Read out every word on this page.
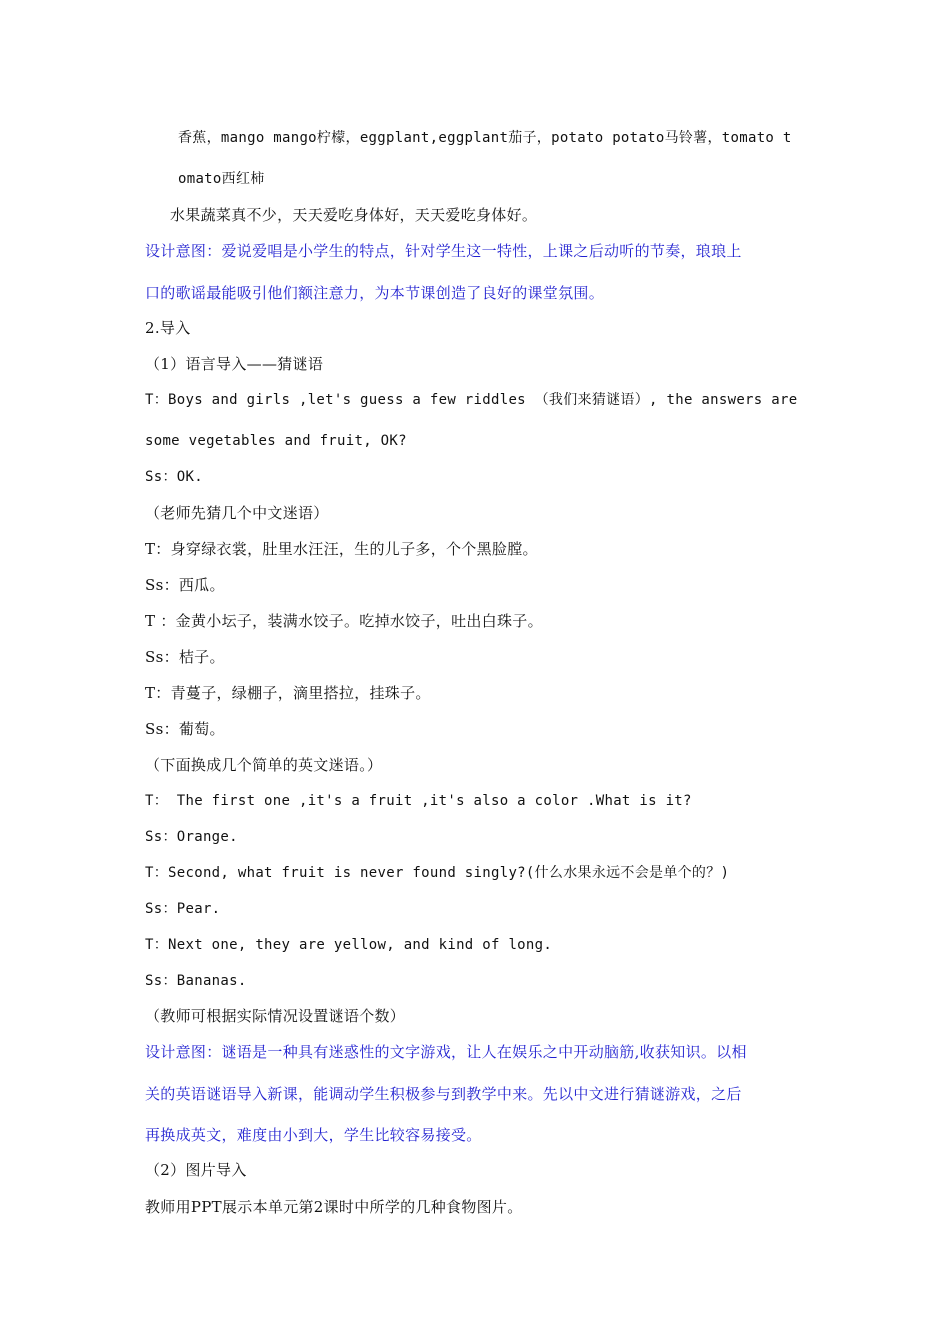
香蕉，mango mango柠檬，eggplant,eggplant茄子，potato potato马铃薯，tomato t
omato西红柿
水果蔬菜真不少，天天爱吃身体好，天天爱吃身体好。
设计意图：爱说爱唱是小学生的特点，针对学生这一特性，上课之后动听的节奏，琅琅上
口的歌谣最能吸引他们额注意力，为本节课创造了良好的课堂氛围。
2.导入
（1）语言导入——猜谜语
T：Boys and girls ,let's guess a few riddles （我们来猜谜语）, the answers are
some vegetables and fruit, OK?
Ss：OK.
（老师先猜几个中文迷语）
T：身穿绿衣裳，肚里水汪汪，生的儿子多，个个黑脸膛。
Ss：西瓜。
T ：金黄小坛子，装满水饺子。吃掉水饺子，吐出白珠子。
Ss：桔子。
T：青蔓子，绿棚子，滴里搭拉，挂珠子。
Ss：葡萄。
（下面换成几个简单的英文迷语。）
T： The first one ,it's a fruit ,it's also a color .What is it?
Ss：Orange.
T：Second, what fruit is never found singly?(什么水果永远不会是单个的？)
Ss：Pear.
T：Next one, they are yellow, and kind of long.
Ss：Bananas.
（教师可根据实际情况设置谜语个数）
设计意图：谜语是一种具有迷惑性的文字游戏，让人在娱乐之中开动脑筋,收获知识。以相
关的英语谜语导入新课，能调动学生积极参与到教学中来。先以中文进行猜谜游戏，之后
再换成英文，难度由小到大，学生比较容易接受。
（2）图片导入
教师用PPT展示本单元第2课时中所学的几种食物图片。
